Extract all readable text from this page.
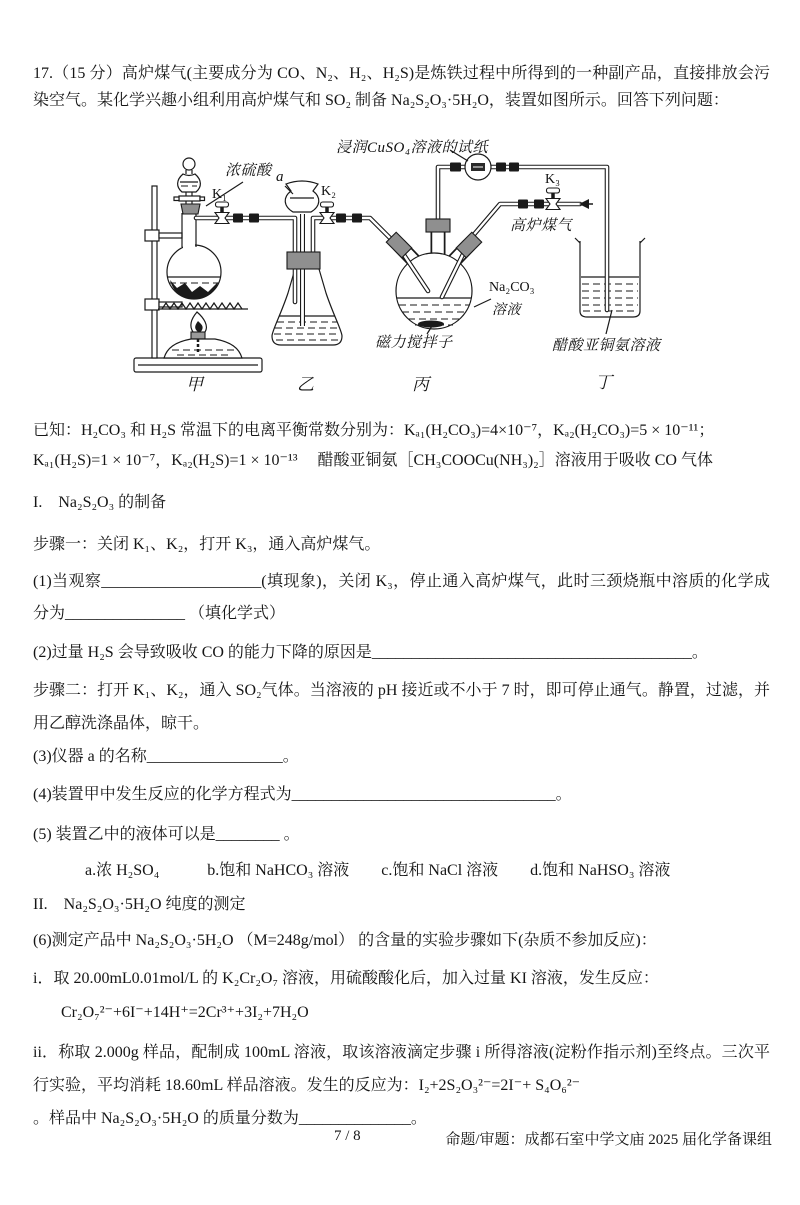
17.（15 分）高炉煤气(主要成分为 CO、N₂、H₂、H₂S)是炼铁过程中所得到的一种副产品，直接排放会污染空气。某化学兴趣小组利用高炉煤气和 SO₂ 制备 Na₂S₂O₃·5H₂O，装置如图所示。回答下列问题：

浸润CuSO₄溶液的试纸
浓硫酸
K₁
a
K₂
K₃
高炉煤气
Na₂CO₃
溶液
磁力搅拌子	醋酸亚铜氨溶液
甲	乙	丙	丁

已知：H₂CO₃ 和 H₂S 常温下的电离平衡常数分别为：Kₐ₁(H₂CO₃)=4×10⁻⁷，Kₐ₂(H₂CO₃)=5 × 10⁻¹¹；

Kₐ₁(H₂S)=1 × 10⁻⁷，Kₐ₂(H₂S)=1 × 10⁻¹³　 醋酸亚铜氨［CH₃COOCu(NH₃)₂］溶液用于吸收 CO 气体

I.　Na₂S₂O₃ 的制备

步骤一：关闭 K₁、K₂，打开 K₃，通入高炉煤气。

(1)当观察____________________(填现象)，关闭 K₃，停止通入高炉煤气，此时三颈烧瓶中溶质的化学成分为_______________ （填化学式）

(2)过量 H₂S 会导致吸收 CO 的能力下降的原因是________________________________________。

步骤二：打开 K₁、K₂，通入 SO₂气体。当溶液的 pH 接近或不小于 7 时，即可停止通气。静置，过滤，并用乙醇洗涤晶体，晾干。

(3)仪器 a 的名称_________________。

(4)装置甲中发生反应的化学方程式为_________________________________。

(5) 装置乙中的液体可以是________ 。

a.浓 H₂SO₄　　　b.饱和 NaHCO₃ 溶液　　c.饱和 NaCl 溶液　　d.饱和 NaHSO₃ 溶液

II.　Na₂S₂O₃·5H₂O 纯度的测定

(6)测定产品中 Na₂S₂O₃·5H₂O （M=248g/mol） 的含量的实验步骤如下(杂质不参加反应)：

i．取 20.00mL0.01mol/L 的 K₂Cr₂O₇ 溶液，用硫酸酸化后，加入过量 KI 溶液，发生反应：

Cr₂O₇²⁻+6I⁻+14H⁺=2Cr³⁺+3I₂+7H₂O

ii．称取 2.000g 样品，配制成 100mL 溶液，取该溶液滴定步骤 i 所得溶液(淀粉作指示剂)至终点。三次平行实验，平均消耗 18.60mL 样品溶液。发生的反应为：I₂+2S₂O₃²⁻=2I⁻+ S₄O₆²⁻

。样品中 Na₂S₂O₃·5H₂O 的质量分数为______________。

7 / 8	命题/审题：成都石室中学文庙 2025 届化学备课组
